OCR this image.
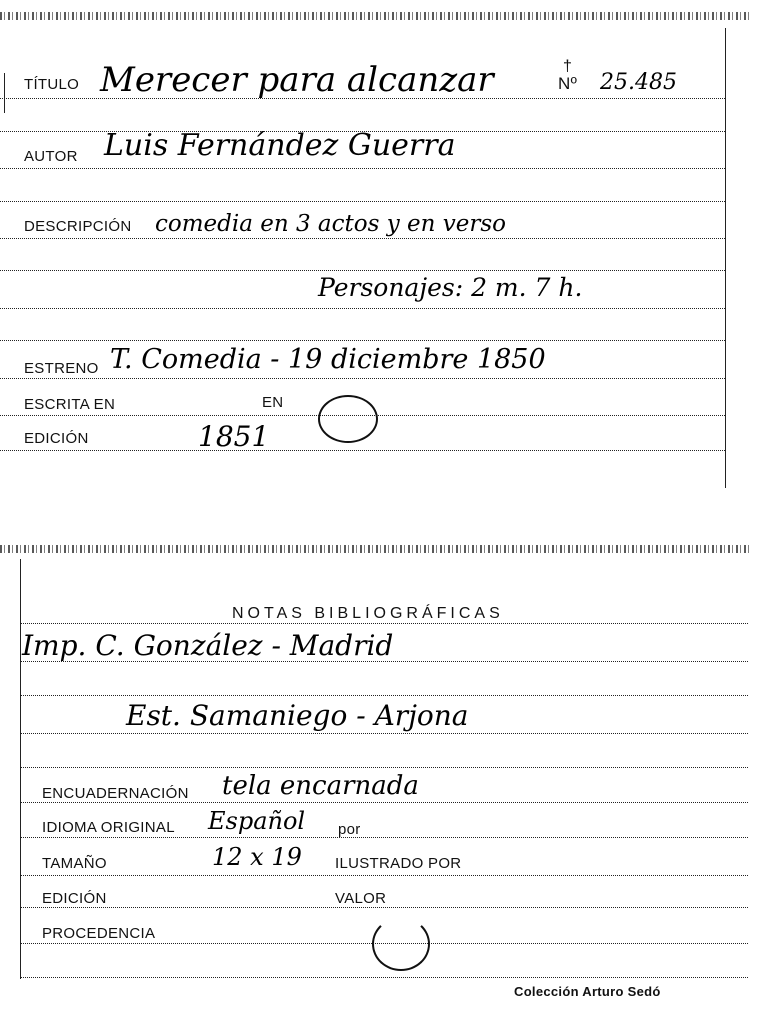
TÍTULO Merecer para alcanzar	†
Nº 25.485
AUTOR Luis Fernández Guerra
DESCRIPCIÓN comedia en 3 actos y en verso
Personajes: 2 m. 7 h.
ESTRENO T. Comedia - 19 diciembre 1850
ESCRITA EN	EN
EDICIÓN	1851
NOTAS BIBLIOGRÁFICAS
Imp. C. González - Madrid
Est. Samaniego - Arjona
ENCUADERNACIÓN tela encarnada
IDIOMA ORIGINAL Español por
TAMAÑO	12 x 19 ILUSTRADO POR
EDICIÓN	VALOR
PROCEDENCIA
Colección Arturo Sedó
